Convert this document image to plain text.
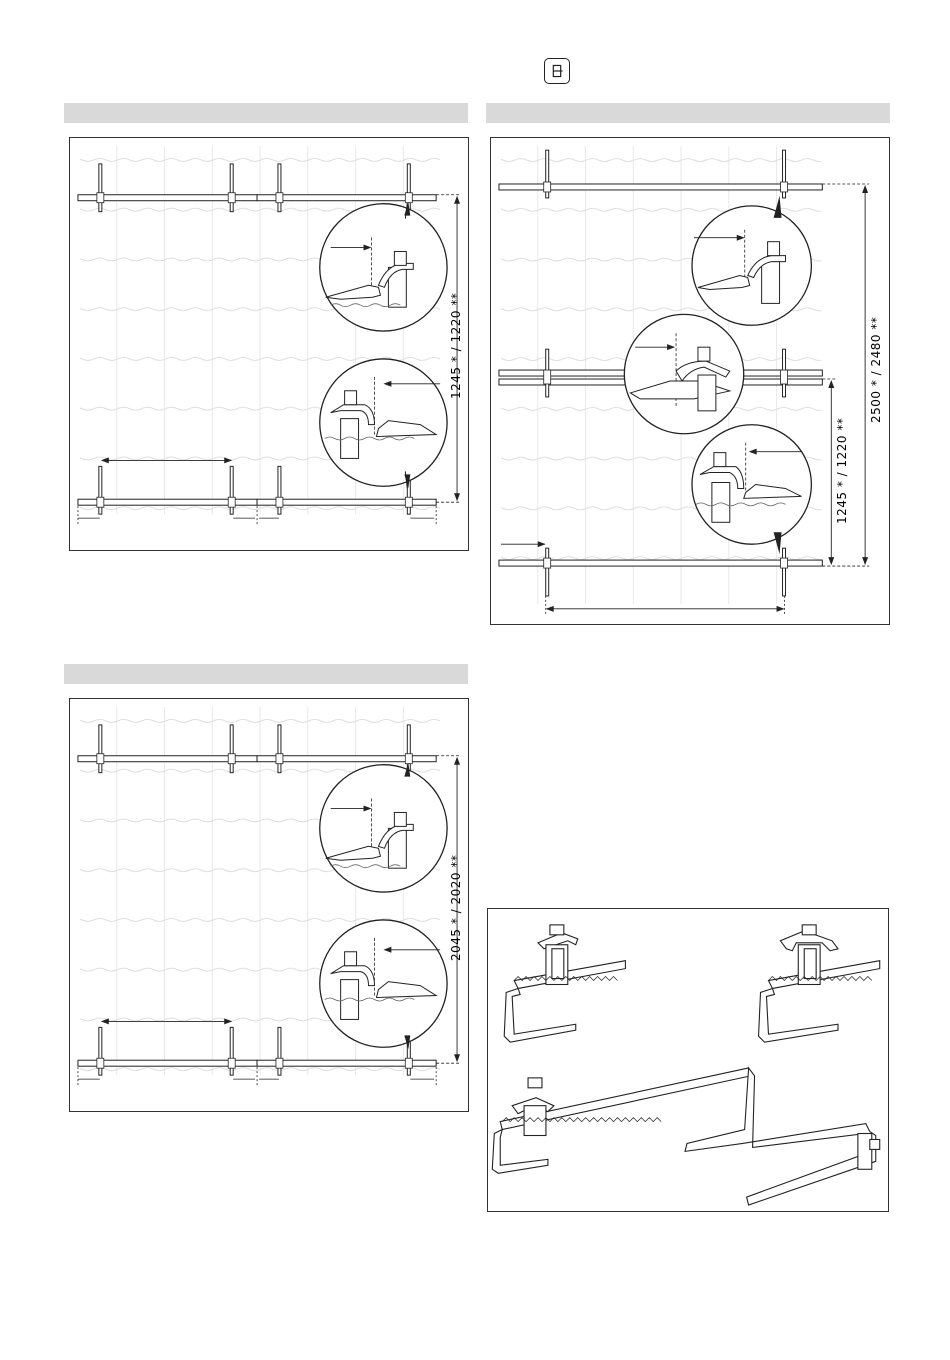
1245 * / 1220 **	2500 * / 2480 **
1245 * / 1220 **
2045 * / 2020 **
